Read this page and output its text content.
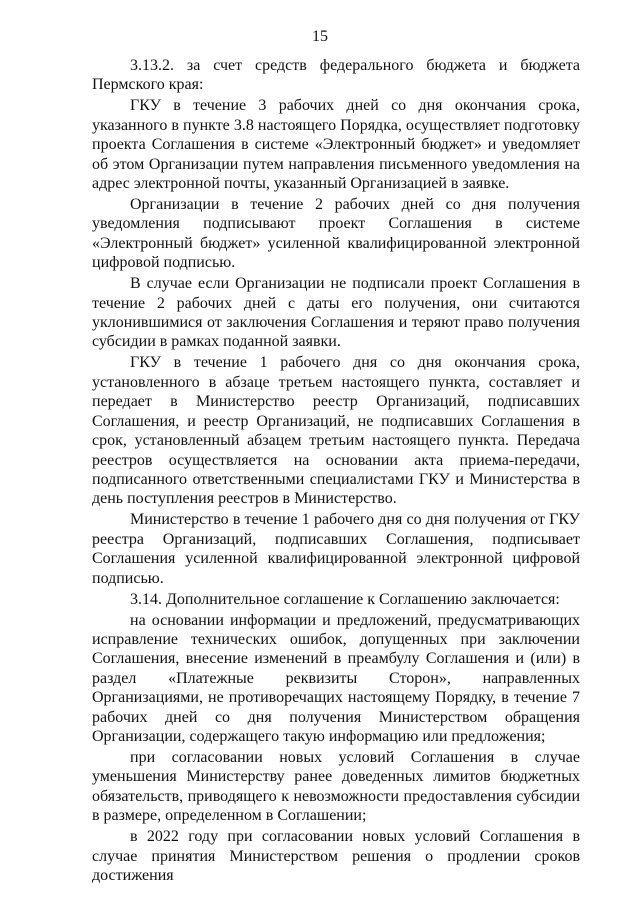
15

3.13.2. за счет средств федерального бюджета и бюджета Пермского края:

ГКУ в течение 3 рабочих дней со дня окончания срока, указанного в пункте 3.8 настоящего Порядка, осуществляет подготовку проекта Соглашения в системе «Электронный бюджет» и уведомляет об этом Организации путем направления письменного уведомления на адрес электронной почты, указанный Организацией в заявке.

Организации в течение 2 рабочих дней со дня получения уведомления подписывают проект Соглашения в системе «Электронный бюджет» усиленной квалифицированной электронной цифровой подписью.

В случае если Организации не подписали проект Соглашения в течение 2 рабочих дней с даты его получения, они считаются уклонившимися от заключения Соглашения и теряют право получения субсидии в рамках поданной заявки.

ГКУ в течение 1 рабочего дня со дня окончания срока, установленного в абзаце третьем настоящего пункта, составляет и передает в Министерство реестр Организаций, подписавших Соглашения, и реестр Организаций, не подписавших Соглашения в срок, установленный абзацем третьим настоящего пункта. Передача реестров осуществляется на основании акта приема-передачи, подписанного ответственными специалистами ГКУ и Министерства в день поступления реестров в Министерство.

Министерство в течение 1 рабочего дня со дня получения от ГКУ реестра Организаций, подписавших Соглашения, подписывает Соглашения усиленной квалифицированной электронной цифровой подписью.

3.14. Дополнительное соглашение к Соглашению заключается:

на основании информации и предложений, предусматривающих исправление технических ошибок, допущенных при заключении Соглашения, внесение изменений в преамбулу Соглашения и (или) в раздел «Платежные реквизиты Сторон», направленных Организациями, не противоречащих настоящему Порядку, в течение 7 рабочих дней со дня получения Министерством обращения Организации, содержащего такую информацию или предложения;

при согласовании новых условий Соглашения в случае уменьшения Министерству ранее доведенных лимитов бюджетных обязательств, приводящего к невозможности предоставления субсидии в размере, определенном в Соглашении;

в 2022 году при согласовании новых условий Соглашения в случае принятия Министерством решения о продлении сроков достижения
